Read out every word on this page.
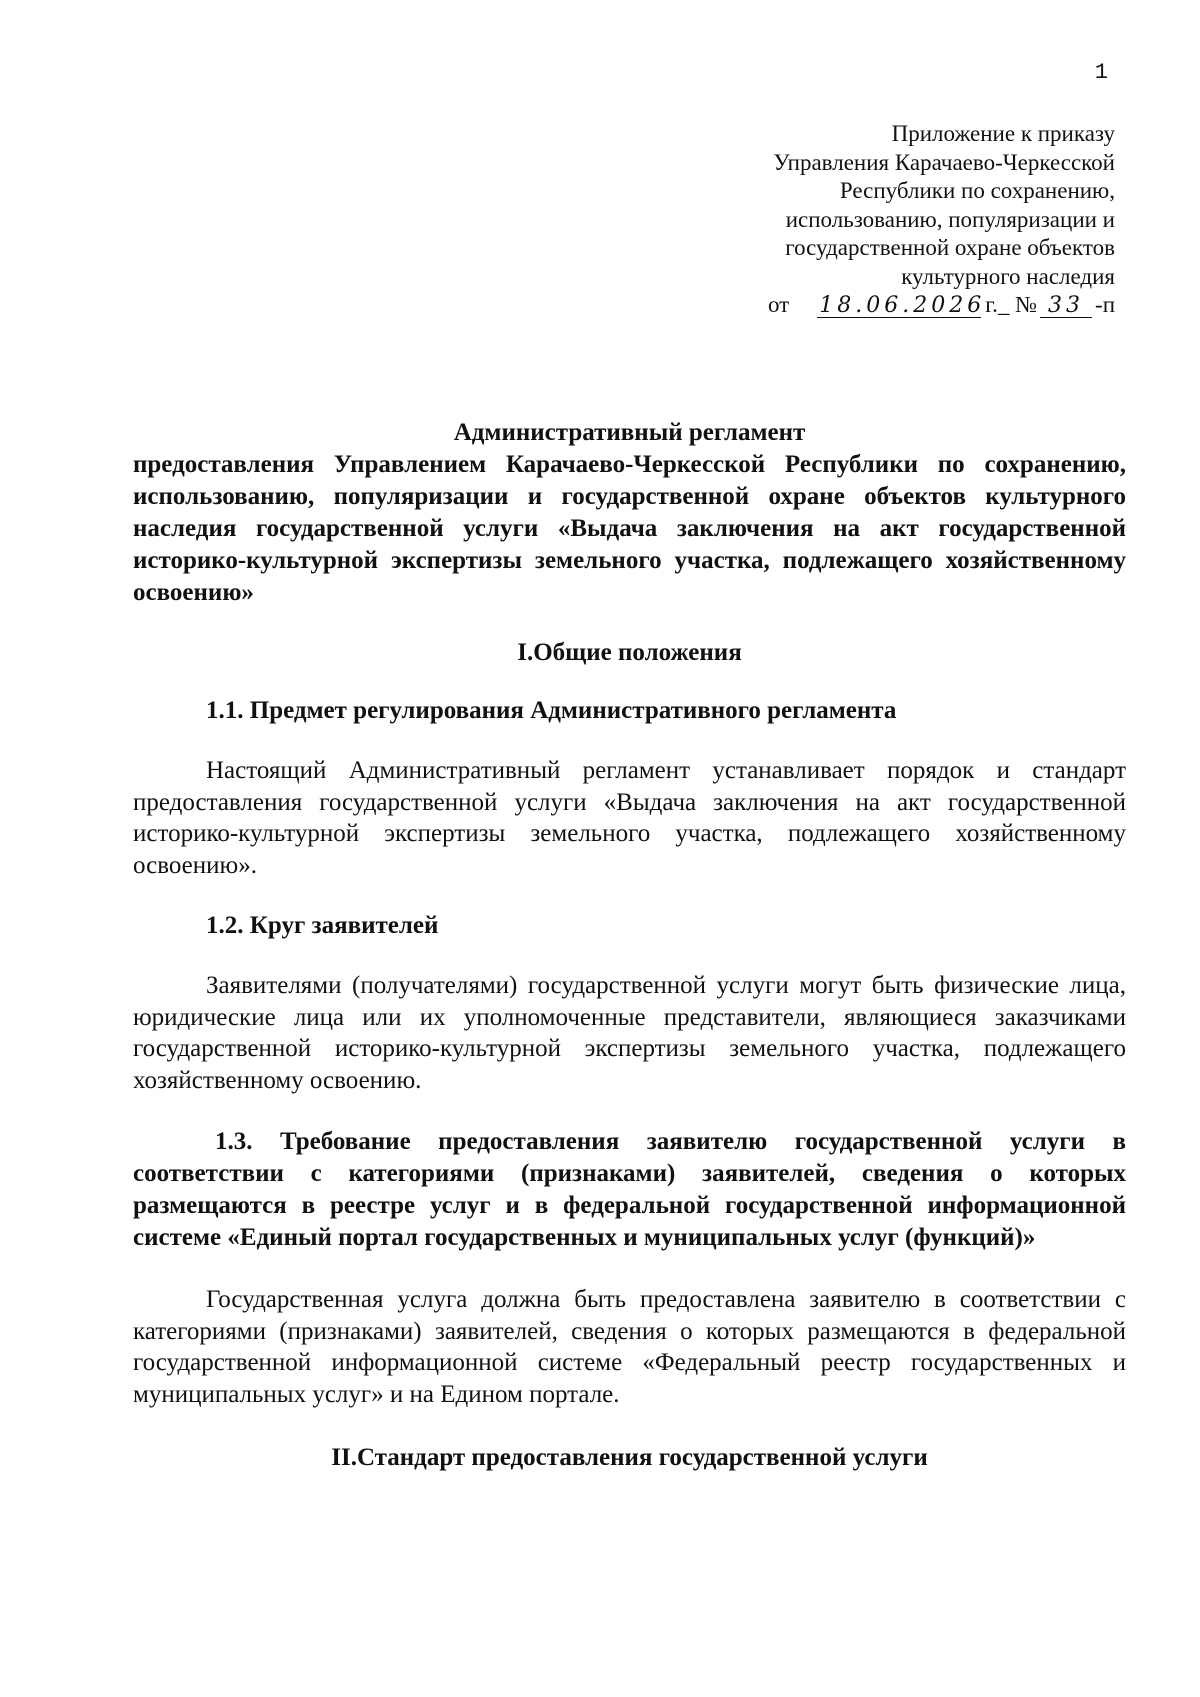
1
Приложение к приказу
Управления Карачаево-Черкесской
Республики по сохранению,
использованию, популяризации и
государственной охране объектов
культурного наследия
от 18.06.2026г._ № 33 -п

Административный регламент

предоставления Управлением Карачаево-Черкесской Республики по сохранению, использованию, популяризации и государственной охране объектов культурного наследия государственной услуги «Выдача заключения на акт государственной историко-культурной экспертизы земельного участка, подлежащего хозяйственному освоению»

I.Общие положения

1.1. Предмет регулирования Административного регламента

Настоящий Административный регламент устанавливает порядок и стандарт предоставления государственной услуги «Выдача заключения на акт государственной историко-культурной экспертизы земельного участка, подлежащего хозяйственному освоению».

1.2. Круг заявителей

Заявителями (получателями) государственной услуги могут быть физические лица, юридические лица или их уполномоченные представители, являющиеся заказчиками государственной историко-культурной экспертизы земельного участка, подлежащего хозяйственному освоению.

1.3. Требование предоставления заявителю государственной услуги в соответствии с категориями (признаками) заявителей, сведения о которых размещаются в реестре услуг и в федеральной государственной информационной системе «Единый портал государственных и муниципальных услуг (функций)»

Государственная услуга должна быть предоставлена заявителю в соответствии с категориями (признаками) заявителей, сведения о которых размещаются в федеральной государственной информационной системе «Федеральный реестр государственных и муниципальных услуг» и на Едином портале.

II.Стандарт предоставления государственной услуги
